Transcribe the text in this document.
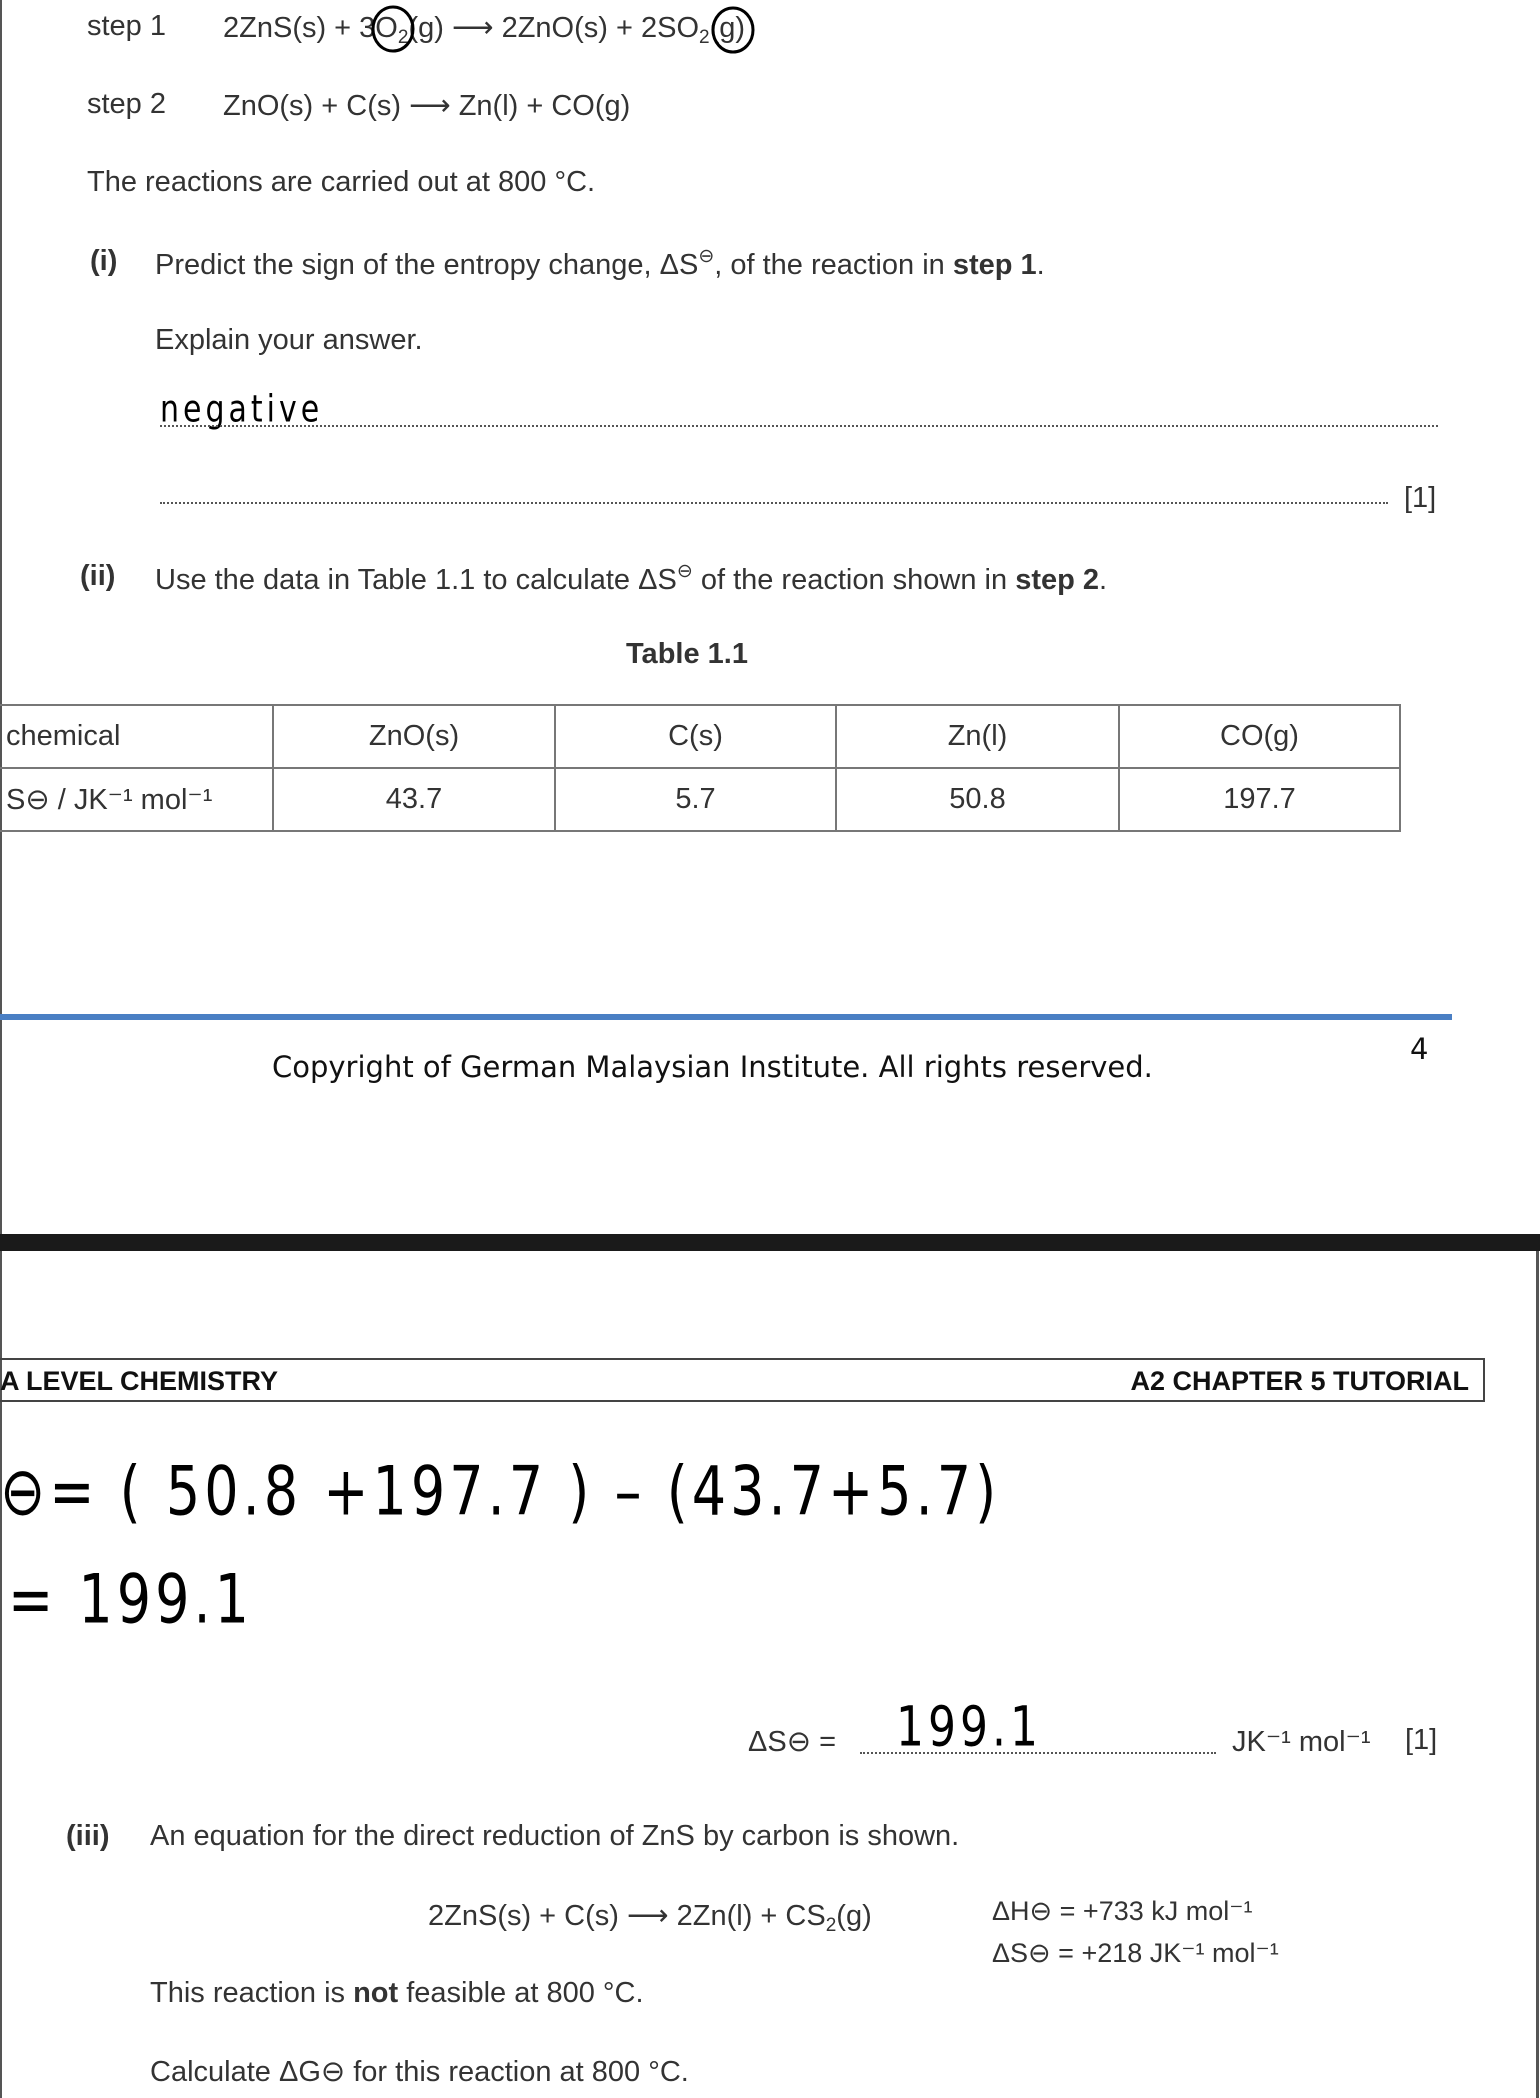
step 1 $2ZnS(s) + 3O_2(g)$ ⟶ $2ZnO(s) + 2SO_2(g)$
step 2 ZnO(s) + C(s) ⟶ Zn(l) + CO(g)
The reactions are carried out at 800 °C.
(i) Predict the sign of the entropy change, ΔS⊖, of the reaction in step 1.
Explain your answer.
negative
[1]
(ii) Use the data in Table 1.1 to calculate ΔS⊖ of the reaction shown in step 2.
Table 1.1
chemical	ZnO(s)	C(s)	Zn(l)	CO(g)
S⊖ / JK⁻¹ mol⁻¹	43.7	5.7	50.8	197.7
Copyright of German Malaysian Institute. All rights reserved.
4
A LEVEL CHEMISTRY	A2 CHAPTER 5 TUTORIAL
⊖= ( 50.8 +197.7 ) – (43.7+5.7)
= 199.1
ΔS⊖ = 199.1	JK⁻¹ mol⁻¹ [1]
(iii) An equation for the direct reduction of ZnS by carbon is shown.
2ZnS(s) + C(s) ⟶ $2Zn(l) + CS_2(g)$	ΔH⊖ = +733 kJ mol⁻¹
ΔS⊖ = +218 JK⁻¹ mol⁻¹
This reaction is not feasible at 800 °C.
Calculate ΔG⊖ for this reaction at 800 °C.
